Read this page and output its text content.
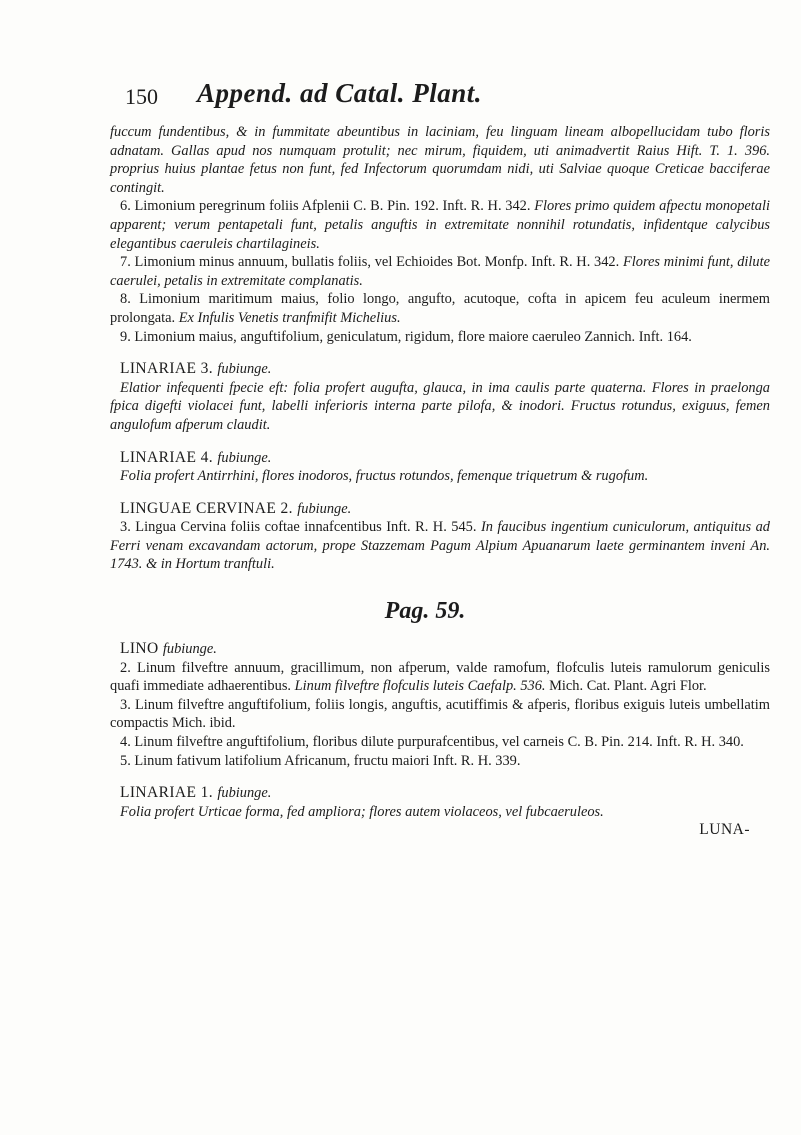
150 Append. ad Catal. Plant.

fuccum fundentibus, & in fummitate abeuntibus in laciniam, feu linguam lineam albopellucidam tubo floris adnatam. Gallas apud nos numquam protulit; nec mirum, fiquidem, uti animadvertit Raius Hift. T. 1. 396. proprius huius plantae fetus non funt, fed Infectorum quorumdam nidi, uti Salviae quoque Creticae bacciferae contingit.

6. Limonium peregrinum foliis Afplenii C. B. Pin. 192. Inft. R. H. 342. Flores primo quidem afpectu monopetali apparent; verum pentapetali funt, petalis anguftis in extremitate nonnihil rotundatis, infidentque calycibus elegantibus caeruleis chartilagineis.

7. Limonium minus annuum, bullatis foliis, vel Echioides Bot. Monfp. Inft. R. H. 342. Flores minimi funt, dilute caerulei, petalis in extremitate complanatis.

8. Limonium maritimum maius, folio longo, angufto, acutoque, cofta in apicem feu aculeum inermem prolongata. Ex Infulis Venetis tranfmifit Michelius.

9. Limonium maius, anguftifolium, geniculatum, rigidum, flore maiore caeruleo Zannich. Inft. 164.

LINARIAE 3. fubiunge.

Elatior infequenti fpecie eft: folia profert augufta, glauca, in ima caulis parte quaterna. Flores in praelonga fpica digefti violacei funt, labelli inferioris interna parte pilofa, & inodori. Fructus rotundus, exiguus, femen angulofum afperum claudit.

LINARIAE 4. fubiunge.

Folia profert Antirrhini, flores inodoros, fructus rotundos, femenque triquetrum & rugofum.

LINGUAE CERVINAE 2. fubiunge.

3. Lingua Cervina foliis coftae innafcentibus Inft. R. H. 545. In faucibus ingentium cuniculorum, antiquitus ad Ferri venam excavandam actorum, prope Stazzemam Pagum Alpium Apuanarum laete germinantem inveni An. 1743. & in Hortum tranftuli.

Pag. 59.

LINO fubiunge.

2. Linum filveftre annuum, gracillimum, non afperum, valde ramofum, flofculis luteis ramulorum geniculis quafi immediate adhaerentibus. Linum filveftre flofculis luteis Caefalp. 536. Mich. Cat. Plant. Agri Flor.

3. Linum filveftre anguftifolium, foliis longis, anguftis, acutiffimis & afperis, floribus exiguis luteis umbellatim compactis Mich. ibid.

4. Linum filveftre anguftifolium, floribus dilute purpurafcentibus, vel carneis C. B. Pin. 214. Inft. R. H. 340.

5. Linum fativum latifolium Africanum, fructu maiori Inft. R. H. 339.

LINARIAE 1. fubiunge.

Folia profert Urticae forma, fed ampliora; flores autem violaceos, vel fubcaeruleos.

LUNA-
